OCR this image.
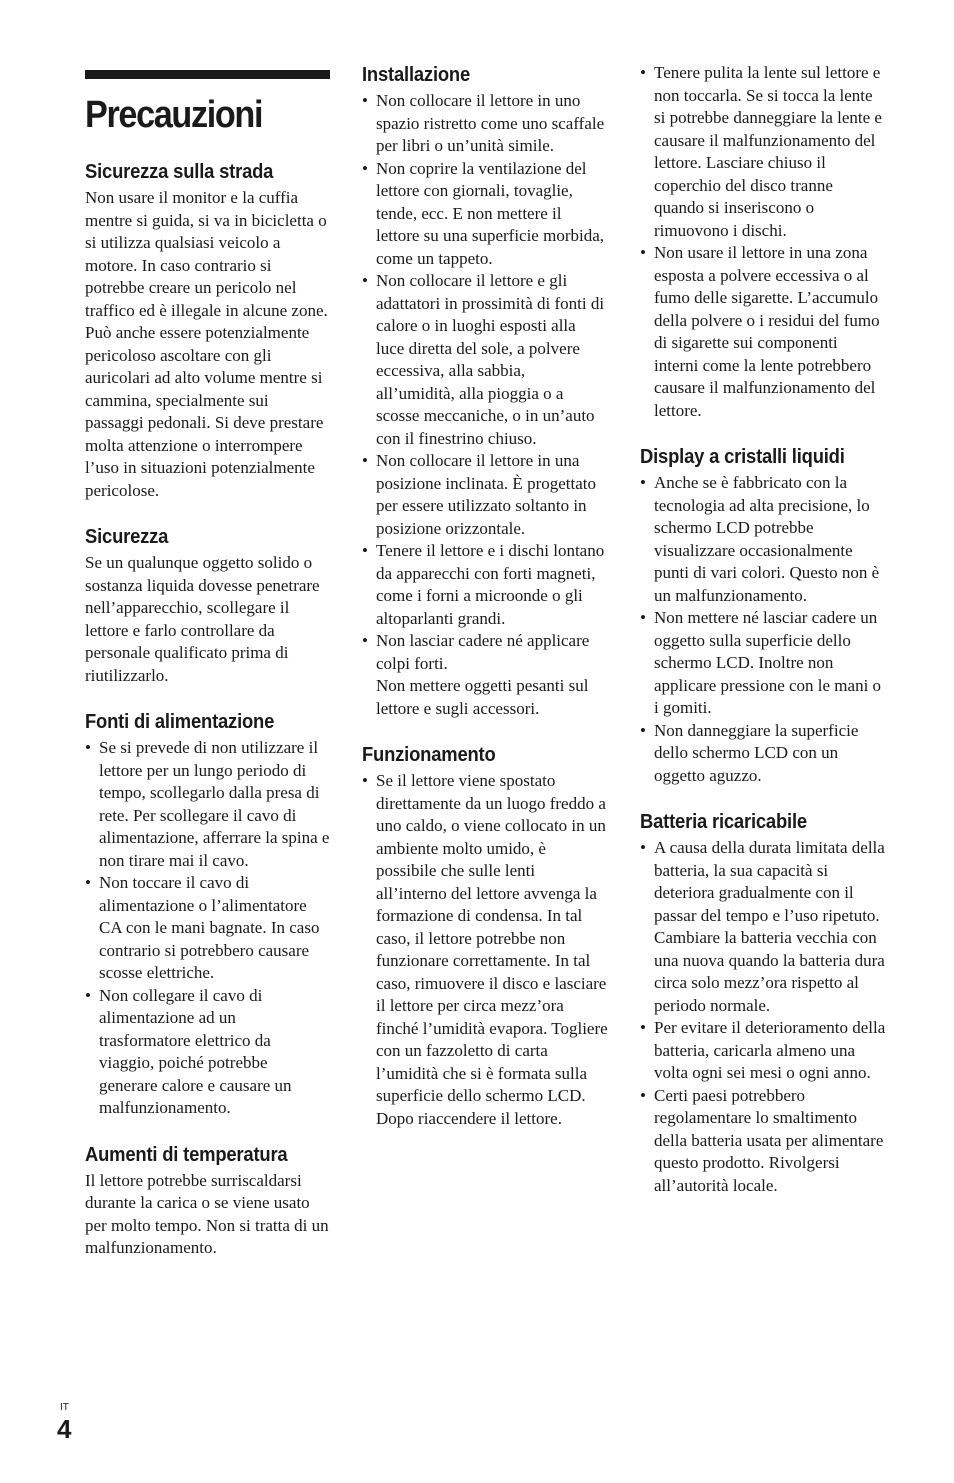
Precauzioni
Sicurezza sulla strada

Non usare il monitor e la cuffia mentre si guida, si va in bicicletta o si utilizza qualsiasi veicolo a motore. In caso contrario si potrebbe creare un pericolo nel traffico ed è illegale in alcune zone. Può anche essere potenzialmente pericoloso ascoltare con gli auricolari ad alto volume mentre si cammina, specialmente sui passaggi pedonali. Si deve prestare molta attenzione o interrompere l’uso in situazioni potenzialmente pericolose.

Sicurezza

Se un qualunque oggetto solido o sostanza liquida dovesse penetrare nell’apparecchio, scollegare il lettore e farlo controllare da personale qualificato prima di riutilizzarlo.

Fonti di alimentazione
• Se si prevede di non utilizzare il lettore per un lungo periodo di tempo, scollegarlo dalla presa di rete. Per scollegare il cavo di alimentazione, afferrare la spina e non tirare mai il cavo.
• Non toccare il cavo di alimentazione o l’alimentatore CA con le mani bagnate. In caso contrario si potrebbero causare scosse elettriche.
• Non collegare il cavo di alimentazione ad un trasformatore elettrico da viaggio, poiché potrebbe generare calore e causare un malfunzionamento.
Aumenti di temperatura

Il lettore potrebbe surriscaldarsi durante la carica o se viene usato per molto tempo. Non si tratta di un malfunzionamento.

Installazione
• Non collocare il lettore in uno spazio ristretto come uno scaffale per libri o un’unità simile.
• Non coprire la ventilazione del lettore con giornali, tovaglie, tende, ecc. E non mettere il lettore su una superficie morbida, come un tappeto.
• Non collocare il lettore e gli adattatori in prossimità di fonti di calore o in luoghi esposti alla luce diretta del sole, a polvere eccessiva, alla sabbia, all’umidità, alla pioggia o a scosse meccaniche, o in un’auto con il finestrino chiuso.
• Non collocare il lettore in una posizione inclinata. È progettato per essere utilizzato soltanto in posizione orizzontale.
• Tenere il lettore e i dischi lontano da apparecchi con forti magneti, come i forni a microonde o gli altoparlanti grandi.
• Non lasciar cadere né applicare colpi forti.
Non mettere oggetti pesanti sul lettore e sugli accessori.
Funzionamento
• Se il lettore viene spostato direttamente da un luogo freddo a uno caldo, o viene collocato in un ambiente molto umido, è possibile che sulle lenti all’interno del lettore avvenga la formazione di condensa. In tal caso, il lettore potrebbe non funzionare correttamente. In tal caso, rimuovere il disco e lasciare il lettore per circa mezz’ora finché l’umidità evapora. Togliere con un fazzoletto di carta l’umidità che si è formata sulla superficie dello schermo LCD. Dopo riaccendere il lettore.
• Tenere pulita la lente sul lettore e non toccarla. Se si tocca la lente si potrebbe danneggiare la lente e causare il malfunzionamento del lettore. Lasciare chiuso il coperchio del disco tranne quando si inseriscono o rimuovono i dischi.
• Non usare il lettore in una zona esposta a polvere eccessiva o al fumo delle sigarette. L’accumulo della polvere o i residui del fumo di sigarette sui componenti interni come la lente potrebbero causare il malfunzionamento del lettore.
Display a cristalli liquidi
• Anche se è fabbricato con la tecnologia ad alta precisione, lo schermo LCD potrebbe visualizzare occasionalmente punti di vari colori. Questo non è un malfunzionamento.
• Non mettere né lasciar cadere un oggetto sulla superficie dello schermo LCD. Inoltre non applicare pressione con le mani o i gomiti.
• Non danneggiare la superficie dello schermo LCD con un oggetto aguzzo.
Batteria ricaricabile
• A causa della durata limitata della batteria, la sua capacità si deteriora gradualmente con il passar del tempo e l’uso ripetuto. Cambiare la batteria vecchia con una nuova quando la batteria dura circa solo mezz’ora rispetto al periodo normale.
• Per evitare il deterioramento della batteria, caricarla almeno una volta ogni sei mesi o ogni anno.
• Certi paesi potrebbero regolamentare lo smaltimento della batteria usata per alimentare questo prodotto. Rivolgersi all’autorità locale.
IT
4
